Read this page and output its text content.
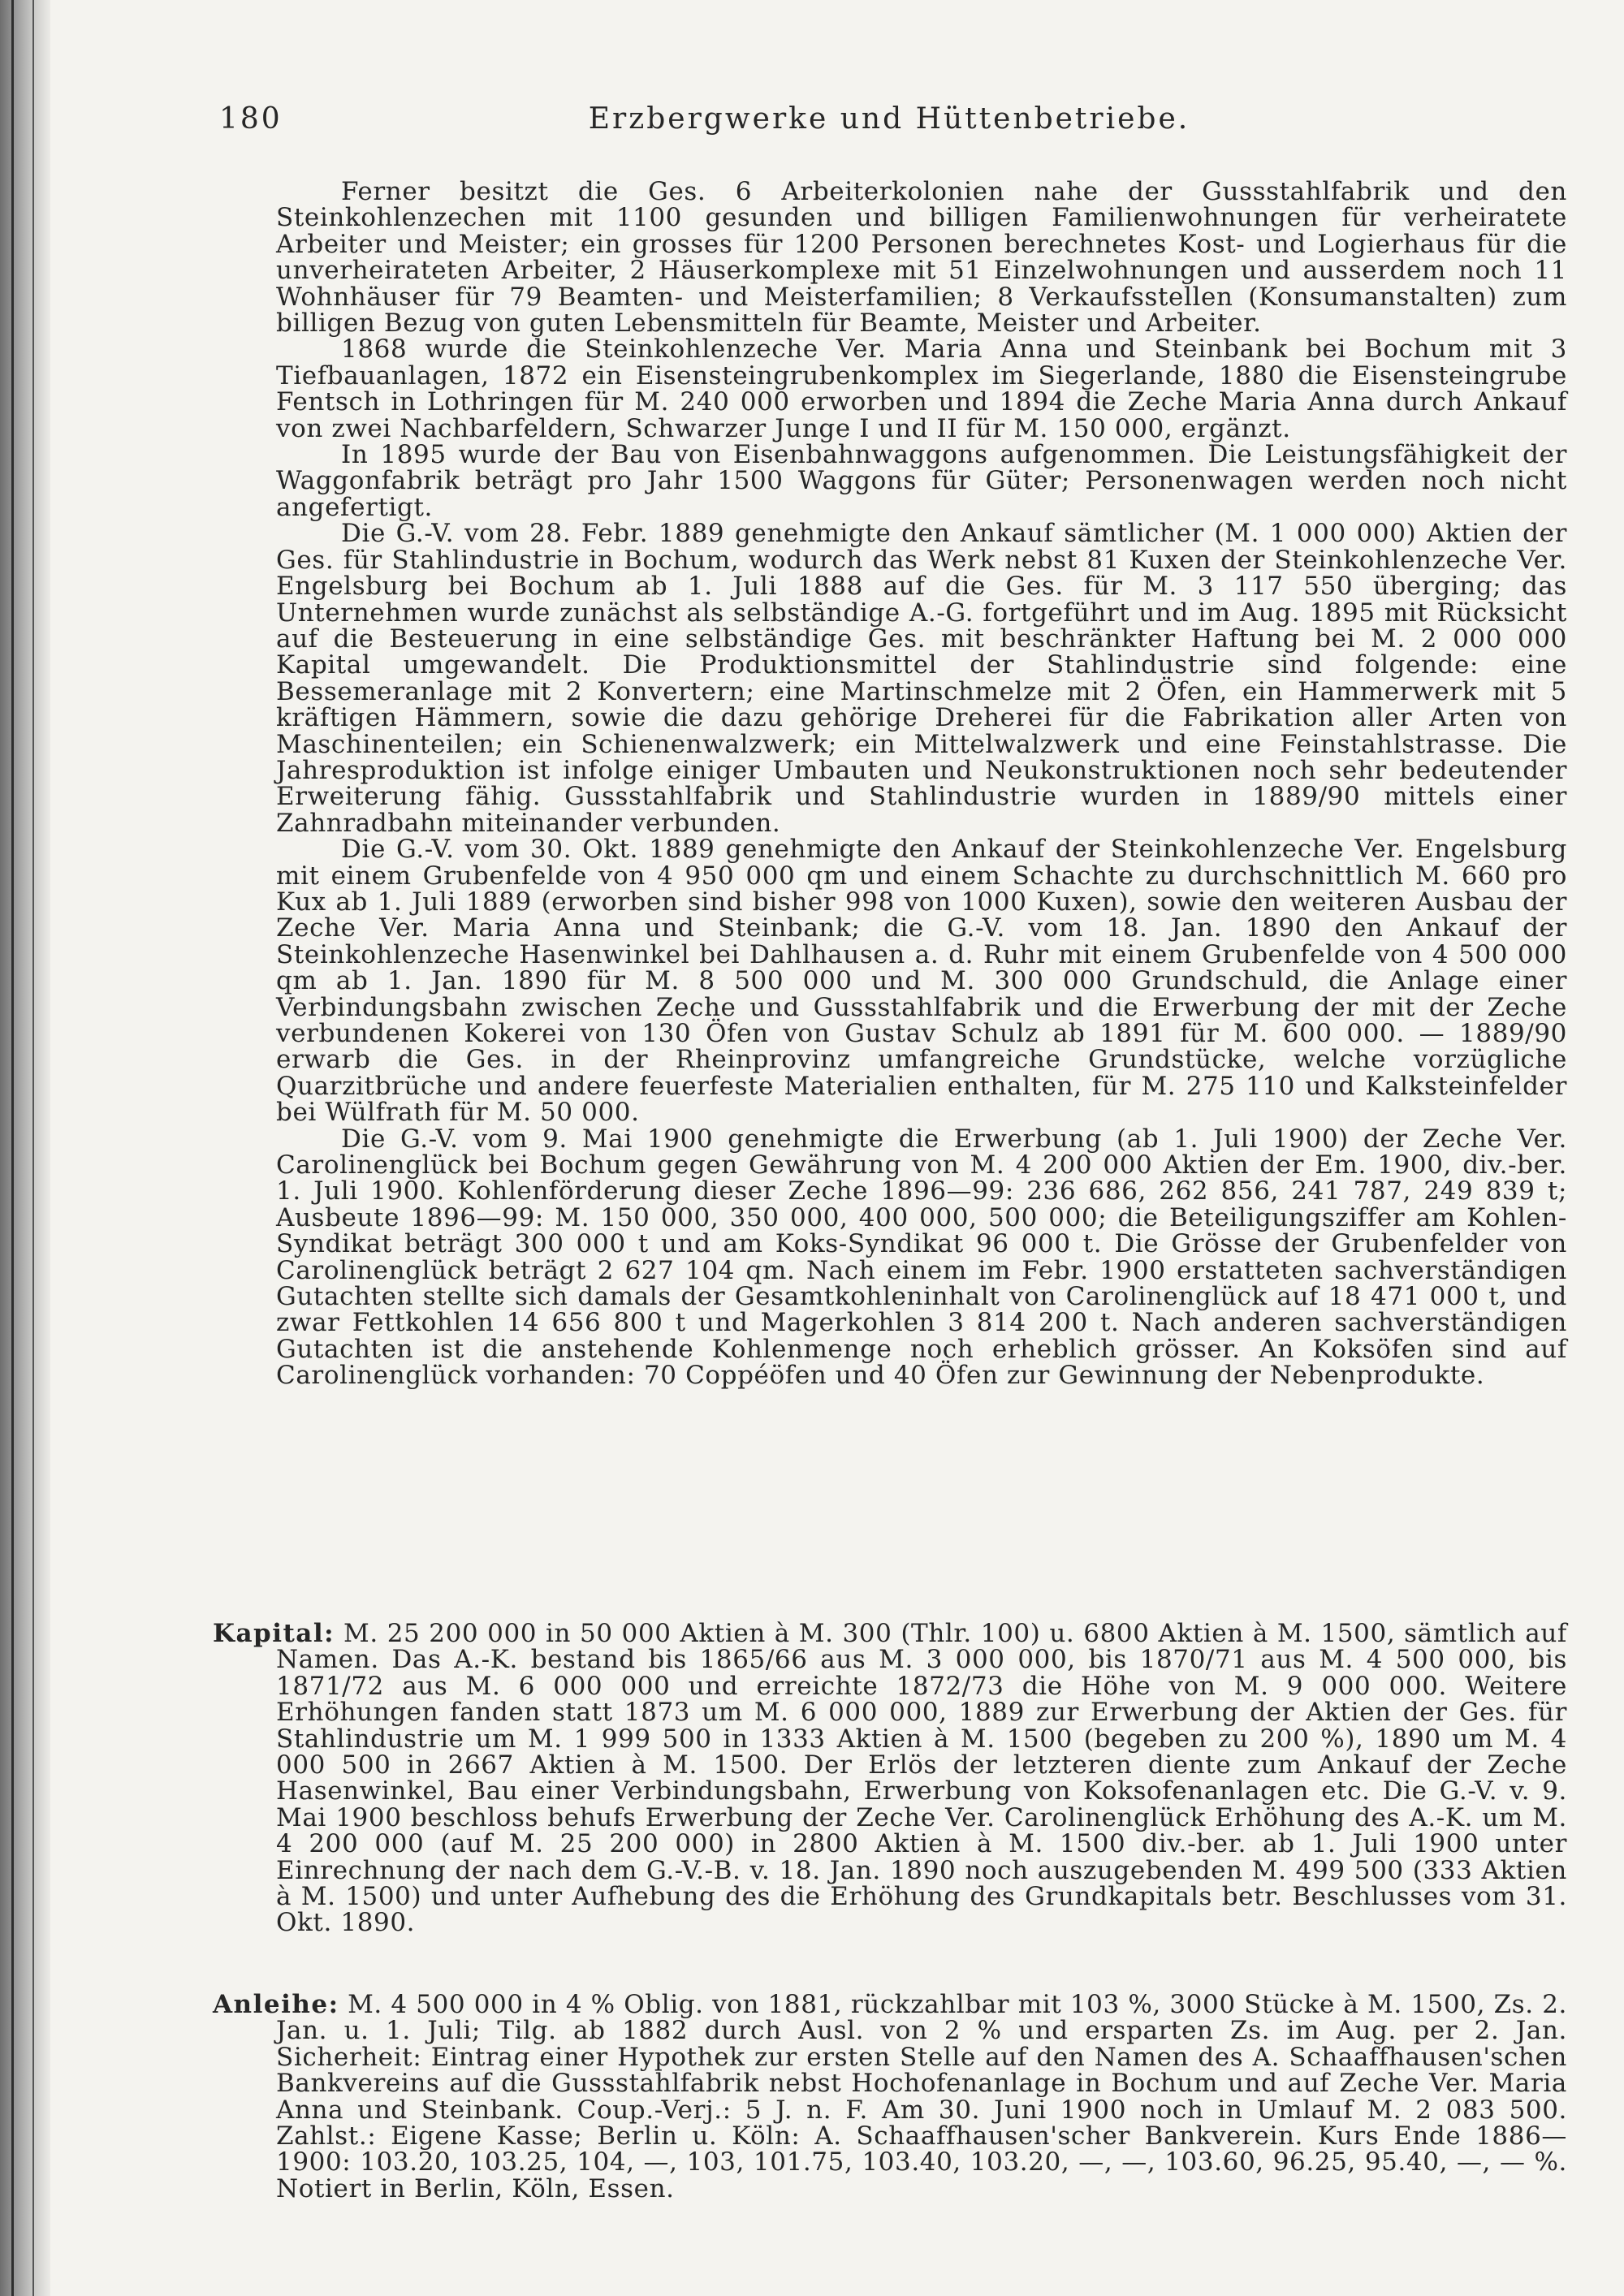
180	Erzbergwerke und Hüttenbetriebe.

Ferner besitzt die Ges. 6 Arbeiterkolonien nahe der Gussstahlfabrik und den Steinkohlenzechen mit 1100 gesunden und billigen Familienwohnungen für verheiratete Arbeiter und Meister; ein grosses für 1200 Personen berechnetes Kost- und Logierhaus für die unverheirateten Arbeiter, 2 Häuserkomplexe mit 51 Einzelwohnungen und ausserdem noch 11 Wohnhäuser für 79 Beamten- und Meisterfamilien; 8 Verkaufsstellen (Konsumanstalten) zum billigen Bezug von guten Lebensmitteln für Beamte, Meister und Arbeiter.

1868 wurde die Steinkohlenzeche Ver. Maria Anna und Steinbank bei Bochum mit 3 Tiefbauanlagen, 1872 ein Eisensteingrubenkomplex im Siegerlande, 1880 die Eisensteingrube Fentsch in Lothringen für M. 240 000 erworben und 1894 die Zeche Maria Anna durch Ankauf von zwei Nachbarfeldern, Schwarzer Junge I und II für M. 150 000, ergänzt.

In 1895 wurde der Bau von Eisenbahnwaggons aufgenommen. Die Leistungsfähigkeit der Waggonfabrik beträgt pro Jahr 1500 Waggons für Güter; Personenwagen werden noch nicht angefertigt.

Die G.-V. vom 28. Febr. 1889 genehmigte den Ankauf sämtlicher (M. 1 000 000) Aktien der Ges. für Stahlindustrie in Bochum, wodurch das Werk nebst 81 Kuxen der Steinkohlenzeche Ver. Engelsburg bei Bochum ab 1. Juli 1888 auf die Ges. für M. 3 117 550 überging; das Unternehmen wurde zunächst als selbständige A.-G. fortgeführt und im Aug. 1895 mit Rücksicht auf die Besteuerung in eine selbständige Ges. mit beschränkter Haftung bei M. 2 000 000 Kapital umgewandelt. Die Produktionsmittel der Stahlindustrie sind folgende: eine Bessemeranlage mit 2 Konvertern; eine Martinschmelze mit 2 Öfen, ein Hammerwerk mit 5 kräftigen Hämmern, sowie die dazu gehörige Dreherei für die Fabrikation aller Arten von Maschinenteilen; ein Schienenwalzwerk; ein Mittelwalzwerk und eine Feinstahlstrasse. Die Jahresproduktion ist infolge einiger Umbauten und Neukonstruktionen noch sehr bedeutender Erweiterung fähig. Gussstahlfabrik und Stahlindustrie wurden in 1889/90 mittels einer Zahnradbahn miteinander verbunden.

Die G.-V. vom 30. Okt. 1889 genehmigte den Ankauf der Steinkohlenzeche Ver. Engelsburg mit einem Grubenfelde von 4 950 000 qm und einem Schachte zu durchschnittlich M. 660 pro Kux ab 1. Juli 1889 (erworben sind bisher 998 von 1000 Kuxen), sowie den weiteren Ausbau der Zeche Ver. Maria Anna und Steinbank; die G.-V. vom 18. Jan. 1890 den Ankauf der Steinkohlenzeche Hasenwinkel bei Dahlhausen a. d. Ruhr mit einem Grubenfelde von 4 500 000 qm ab 1. Jan. 1890 für M. 8 500 000 und M. 300 000 Grundschuld, die Anlage einer Verbindungsbahn zwischen Zeche und Gussstahlfabrik und die Erwerbung der mit der Zeche verbundenen Kokerei von 130 Öfen von Gustav Schulz ab 1891 für M. 600 000. — 1889/90 erwarb die Ges. in der Rheinprovinz umfangreiche Grundstücke, welche vorzügliche Quarzitbrüche und andere feuerfeste Materialien enthalten, für M. 275 110 und Kalksteinfelder bei Wülfrath für M. 50 000.

Die G.-V. vom 9. Mai 1900 genehmigte die Erwerbung (ab 1. Juli 1900) der Zeche Ver. Carolinenglück bei Bochum gegen Gewährung von M. 4 200 000 Aktien der Em. 1900, div.-ber. 1. Juli 1900. Kohlenförderung dieser Zeche 1896—99: 236 686, 262 856, 241 787, 249 839 t; Ausbeute 1896—99: M. 150 000, 350 000, 400 000, 500 000; die Beteiligungsziffer am Kohlen-Syndikat beträgt 300 000 t und am Koks-Syndikat 96 000 t. Die Grösse der Grubenfelder von Carolinenglück beträgt 2 627 104 qm. Nach einem im Febr. 1900 erstatteten sachverständigen Gutachten stellte sich damals der Gesamtkohleninhalt von Carolinenglück auf 18 471 000 t, und zwar Fettkohlen 14 656 800 t und Magerkohlen 3 814 200 t. Nach anderen sachverständigen Gutachten ist die anstehende Kohlenmenge noch erheblich grösser. An Koksöfen sind auf Carolinenglück vorhanden: 70 Coppéöfen und 40 Öfen zur Gewinnung der Nebenprodukte.

Kapital: M. 25 200 000 in 50 000 Aktien à M. 300 (Thlr. 100) u. 6800 Aktien à M. 1500, sämtlich auf Namen. Das A.-K. bestand bis 1865/66 aus M. 3 000 000, bis 1870/71 aus M. 4 500 000, bis 1871/72 aus M. 6 000 000 und erreichte 1872/73 die Höhe von M. 9 000 000. Weitere Erhöhungen fanden statt 1873 um M. 6 000 000, 1889 zur Erwerbung der Aktien der Ges. für Stahlindustrie um M. 1 999 500 in 1333 Aktien à M. 1500 (begeben zu 200 %), 1890 um M. 4 000 500 in 2667 Aktien à M. 1500. Der Erlös der letzteren diente zum Ankauf der Zeche Hasenwinkel, Bau einer Verbindungsbahn, Erwerbung von Koksofenanlagen etc. Die G.-V. v. 9. Mai 1900 beschloss behufs Erwerbung der Zeche Ver. Carolinenglück Erhöhung des A.-K. um M. 4 200 000 (auf M. 25 200 000) in 2800 Aktien à M. 1500 div.-ber. ab 1. Juli 1900 unter Einrechnung der nach dem G.-V.-B. v. 18. Jan. 1890 noch auszugebenden M. 499 500 (333 Aktien à M. 1500) und unter Aufhebung des die Erhöhung des Grundkapitals betr. Beschlusses vom 31. Okt. 1890.

Anleihe: M. 4 500 000 in 4 % Oblig. von 1881, rückzahlbar mit 103 %, 3000 Stücke à M. 1500, Zs. 2. Jan. u. 1. Juli; Tilg. ab 1882 durch Ausl. von 2 % und ersparten Zs. im Aug. per 2. Jan. Sicherheit: Eintrag einer Hypothek zur ersten Stelle auf den Namen des A. Schaaffhausen'schen Bankvereins auf die Gussstahlfabrik nebst Hochofenanlage in Bochum und auf Zeche Ver. Maria Anna und Steinbank. Coup.-Verj.: 5 J. n. F. Am 30. Juni 1900 noch in Umlauf M. 2 083 500. Zahlst.: Eigene Kasse; Berlin u. Köln: A. Schaaffhausen'scher Bankverein. Kurs Ende 1886—1900: 103.20, 103.25, 104, —, 103, 101.75, 103.40, 103.20, —, —, 103.60, 96.25, 95.40, —, — %. Notiert in Berlin, Köln, Essen.
